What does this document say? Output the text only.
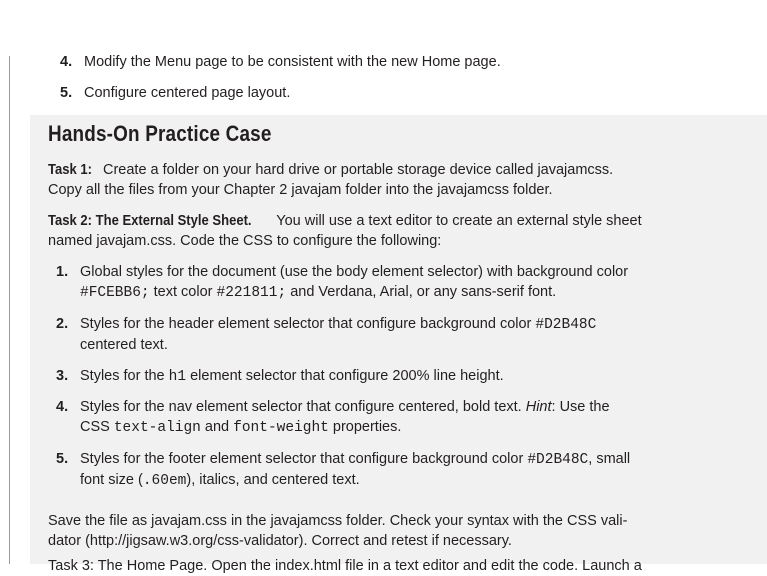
4. Modify the Menu page to be consistent with the new Home page.
5. Configure centered page layout.
Hands-On Practice Case
Task 1: Create a folder on your hard drive or portable storage device called javajamcss.
Copy all the files from your Chapter 2 javajam folder into the javajamcss folder.
Task 2: The External Style Sheet. You will use a text editor to create an external style sheet
named javajam.css. Code the CSS to configure the following:
1. Global styles for the document (use the body element selector) with background color
#FCEBB6; text color #221811; and Verdana, Arial, or any sans-serif font.
2. Styles for the header element selector that configure background color #D2B48C
centered text.
3. Styles for the h1 element selector that configure 200% line height.
4. Styles for the nav element selector that configure centered, bold text. Hint: Use the
CSS text-align and font-weight properties.
5. Styles for the footer element selector that configure background color #D2B48C, small
font size (.60em), italics, and centered text.
Save the file as javajam.css in the javajamcss folder. Check your syntax with the CSS vali-
dator (http://jigsaw.w3.org/css-validator). Correct and retest if necessary.
Task 3: The Home Page. Open the index.html file in a text editor and edit the code. Launch a
